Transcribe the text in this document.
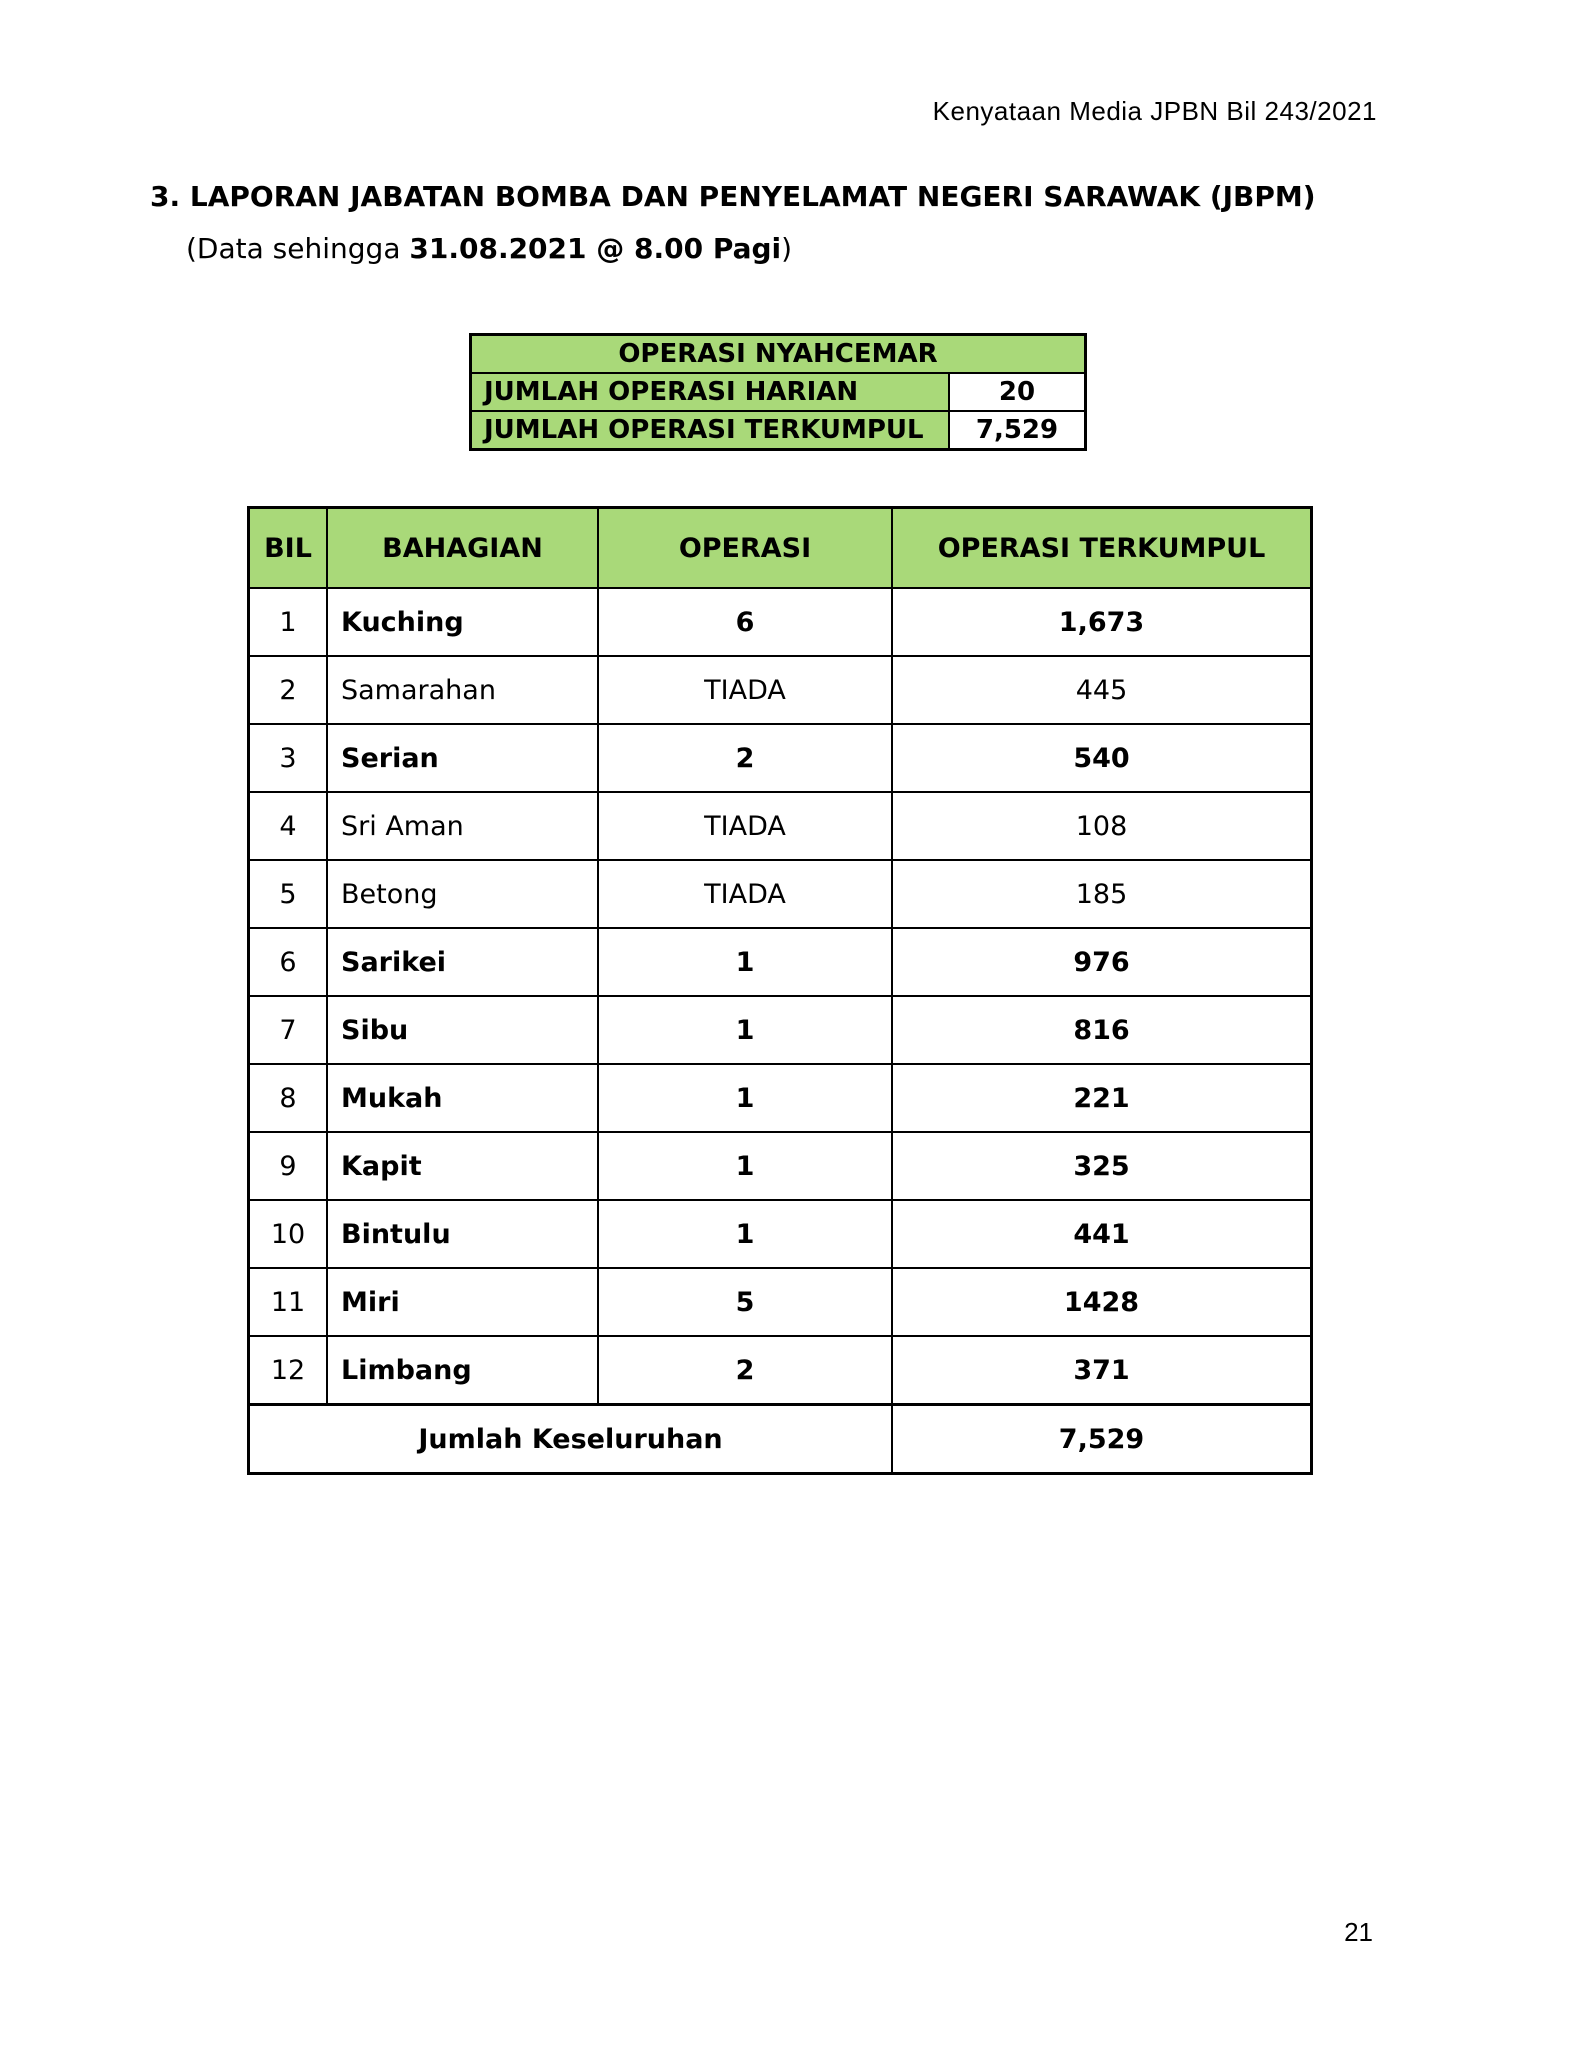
Kenyataan Media JPBN Bil 243/2021
3. LAPORAN JABATAN BOMBA DAN PENYELAMAT NEGERI SARAWAK (JBPM)
(Data sehingga 31.08.2021 @ 8.00 Pagi)
OPERASI NYAHCEMAR	
JUMLAH OPERASI HARIAN	20
JUMLAH OPERASI TERKUMPUL	7,529
BIL	BAHAGIAN	OPERASI	OPERASI TERKUMPUL
1	Kuching	6	1,673
2	Samarahan	TIADA	445
3	Serian	2	540
4	Sri Aman	TIADA	108
5	Betong	TIADA	185
6	Sarikei	1	976
7	Sibu	1	816
8	Mukah	1	221
9	Kapit	1	325
10	Bintulu	1	441
11	Miri	5	1428
12	Limbang	2	371
Jumlah Keseluruhan			7,529
21
